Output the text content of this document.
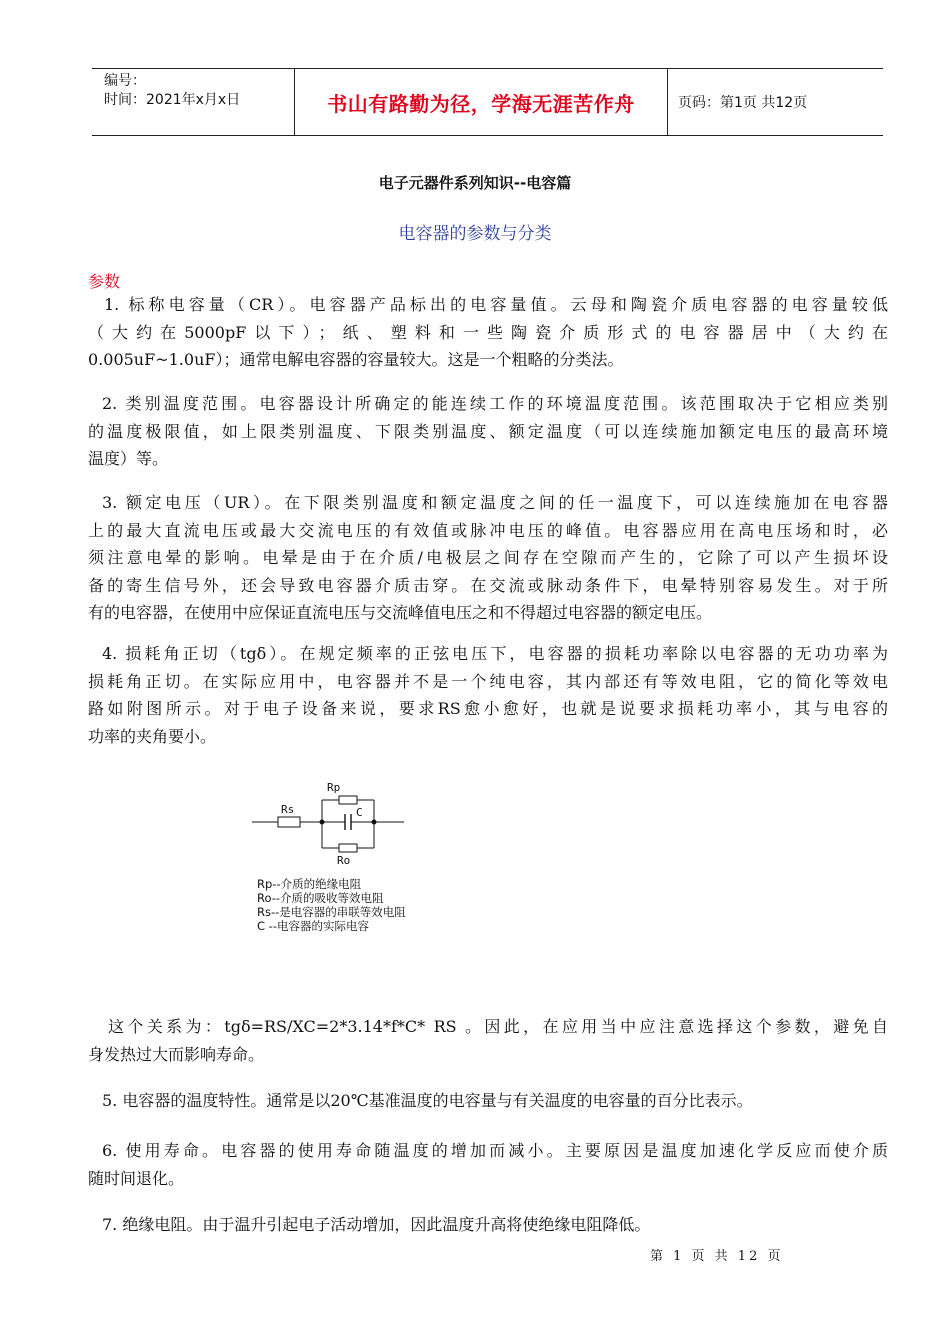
编号：
时间：2021年x月x日	书山有路勤为径，学海无涯苦作舟	页码：第1页 共12页
电子元器件系列知识--电容篇
电容器的参数与分类
参数
1. 标称电容量（CR）。电容器产品标出的电容量值。云母和陶瓷介质电容器的电容量较低
（大约在5000pF以下）；纸、塑料和一些陶瓷介质形式的电容器居中（大约在
0.005uF~1.0uF）；通常电解电容器的容量较大。这是一个粗略的分类法。
2. 类别温度范围。电容器设计所确定的能连续工作的环境温度范围。该范围取决于它相应类别
的温度极限值，如上限类别温度、下限类别温度、额定温度（可以连续施加额定电压的最高环境
温度）等。
3. 额定电压（UR）。在下限类别温度和额定温度之间的任一温度下，可以连续施加在电容器
上的最大直流电压或最大交流电压的有效值或脉冲电压的峰值。电容器应用在高电压场和时，必
须注意电晕的影响。电晕是由于在介质/电极层之间存在空隙而产生的，它除了可以产生损坏设
备的寄生信号外，还会导致电容器介质击穿。在交流或脉动条件下，电晕特别容易发生。对于所
有的电容器，在使用中应保证直流电压与交流峰值电压之和不得超过电容器的额定电压。
4. 损耗角正切（tgδ）。在规定频率的正弦电压下，电容器的损耗功率除以电容器的无功功率为
损耗角正切。在实际应用中，电容器并不是一个纯电容，其内部还有等效电阻，它的简化等效电
路如附图所示。对于电子设备来说，要求RS愈小愈好，也就是说要求损耗功率小，其与电容的
功率的夹角要小。
Rp
C
Rs
Ro
Rp--介质的绝缘电阻
Ro--介质的吸收等效电阻
Rs--是电容器的串联等效电阻
C --电容器的实际电容
这个关系为：tgδ=RS/XC=2*3.14*f*C* RS 。因此，在应用当中应注意选择这个参数，避免自
身发热过大而影响寿命。
5. 电容器的温度特性。通常是以20℃基准温度的电容量与有关温度的电容量的百分比表示。
6. 使用寿命。电容器的使用寿命随温度的增加而减小。主要原因是温度加速化学反应而使介质
随时间退化。
7. 绝缘电阻。由于温升引起电子活动增加，因此温度升高将使绝缘电阻降低。
第 1 页 共 12 页
